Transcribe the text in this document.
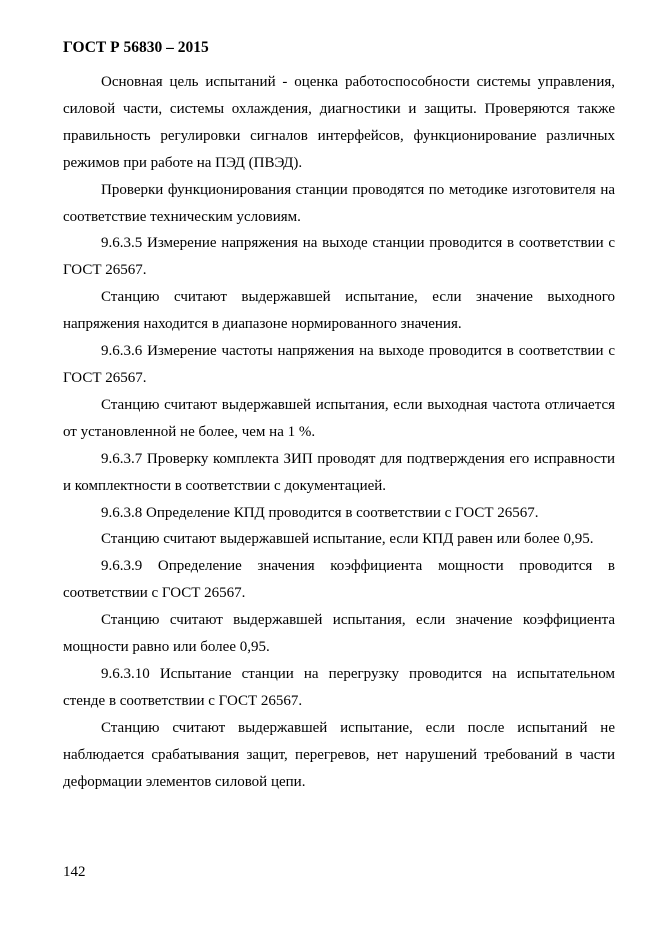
ГОСТ Р 56830 – 2015

Основная цель испытаний - оценка работоспособности системы управления, силовой части, системы охлаждения, диагностики и защиты. Проверяются также правильность регулировки сигналов интерфейсов, функционирование различных режимов при работе на ПЭД (ПВЭД).

Проверки функционирования станции проводятся по методике изготовителя на соответствие техническим условиям.

9.6.3.5 Измерение напряжения на выходе станции проводится в соответствии с ГОСТ 26567.

Станцию считают выдержавшей испытание, если значение выходного напряжения находится в диапазоне нормированного значения.

9.6.3.6 Измерение частоты напряжения на выходе проводится в соответствии с ГОСТ 26567.

Станцию считают выдержавшей испытания, если выходная частота отличается от установленной не более, чем на 1 %.

9.6.3.7 Проверку комплекта ЗИП проводят для подтверждения его исправности и комплектности в соответствии с документацией.

9.6.3.8 Определение КПД проводится в соответствии с ГОСТ 26567.

Станцию считают выдержавшей испытание, если КПД равен или более 0,95.

9.6.3.9 Определение значения коэффициента мощности проводится в соответствии с ГОСТ 26567.

Станцию считают выдержавшей испытания, если значение коэффициента мощности равно или более 0,95.

9.6.3.10 Испытание станции на перегрузку проводится на испытательном стенде в соответствии с ГОСТ 26567.

Станцию считают выдержавшей испытание, если после испытаний не наблюдается срабатывания защит, перегревов, нет нарушений требований в части деформации элементов силовой цепи.

142
